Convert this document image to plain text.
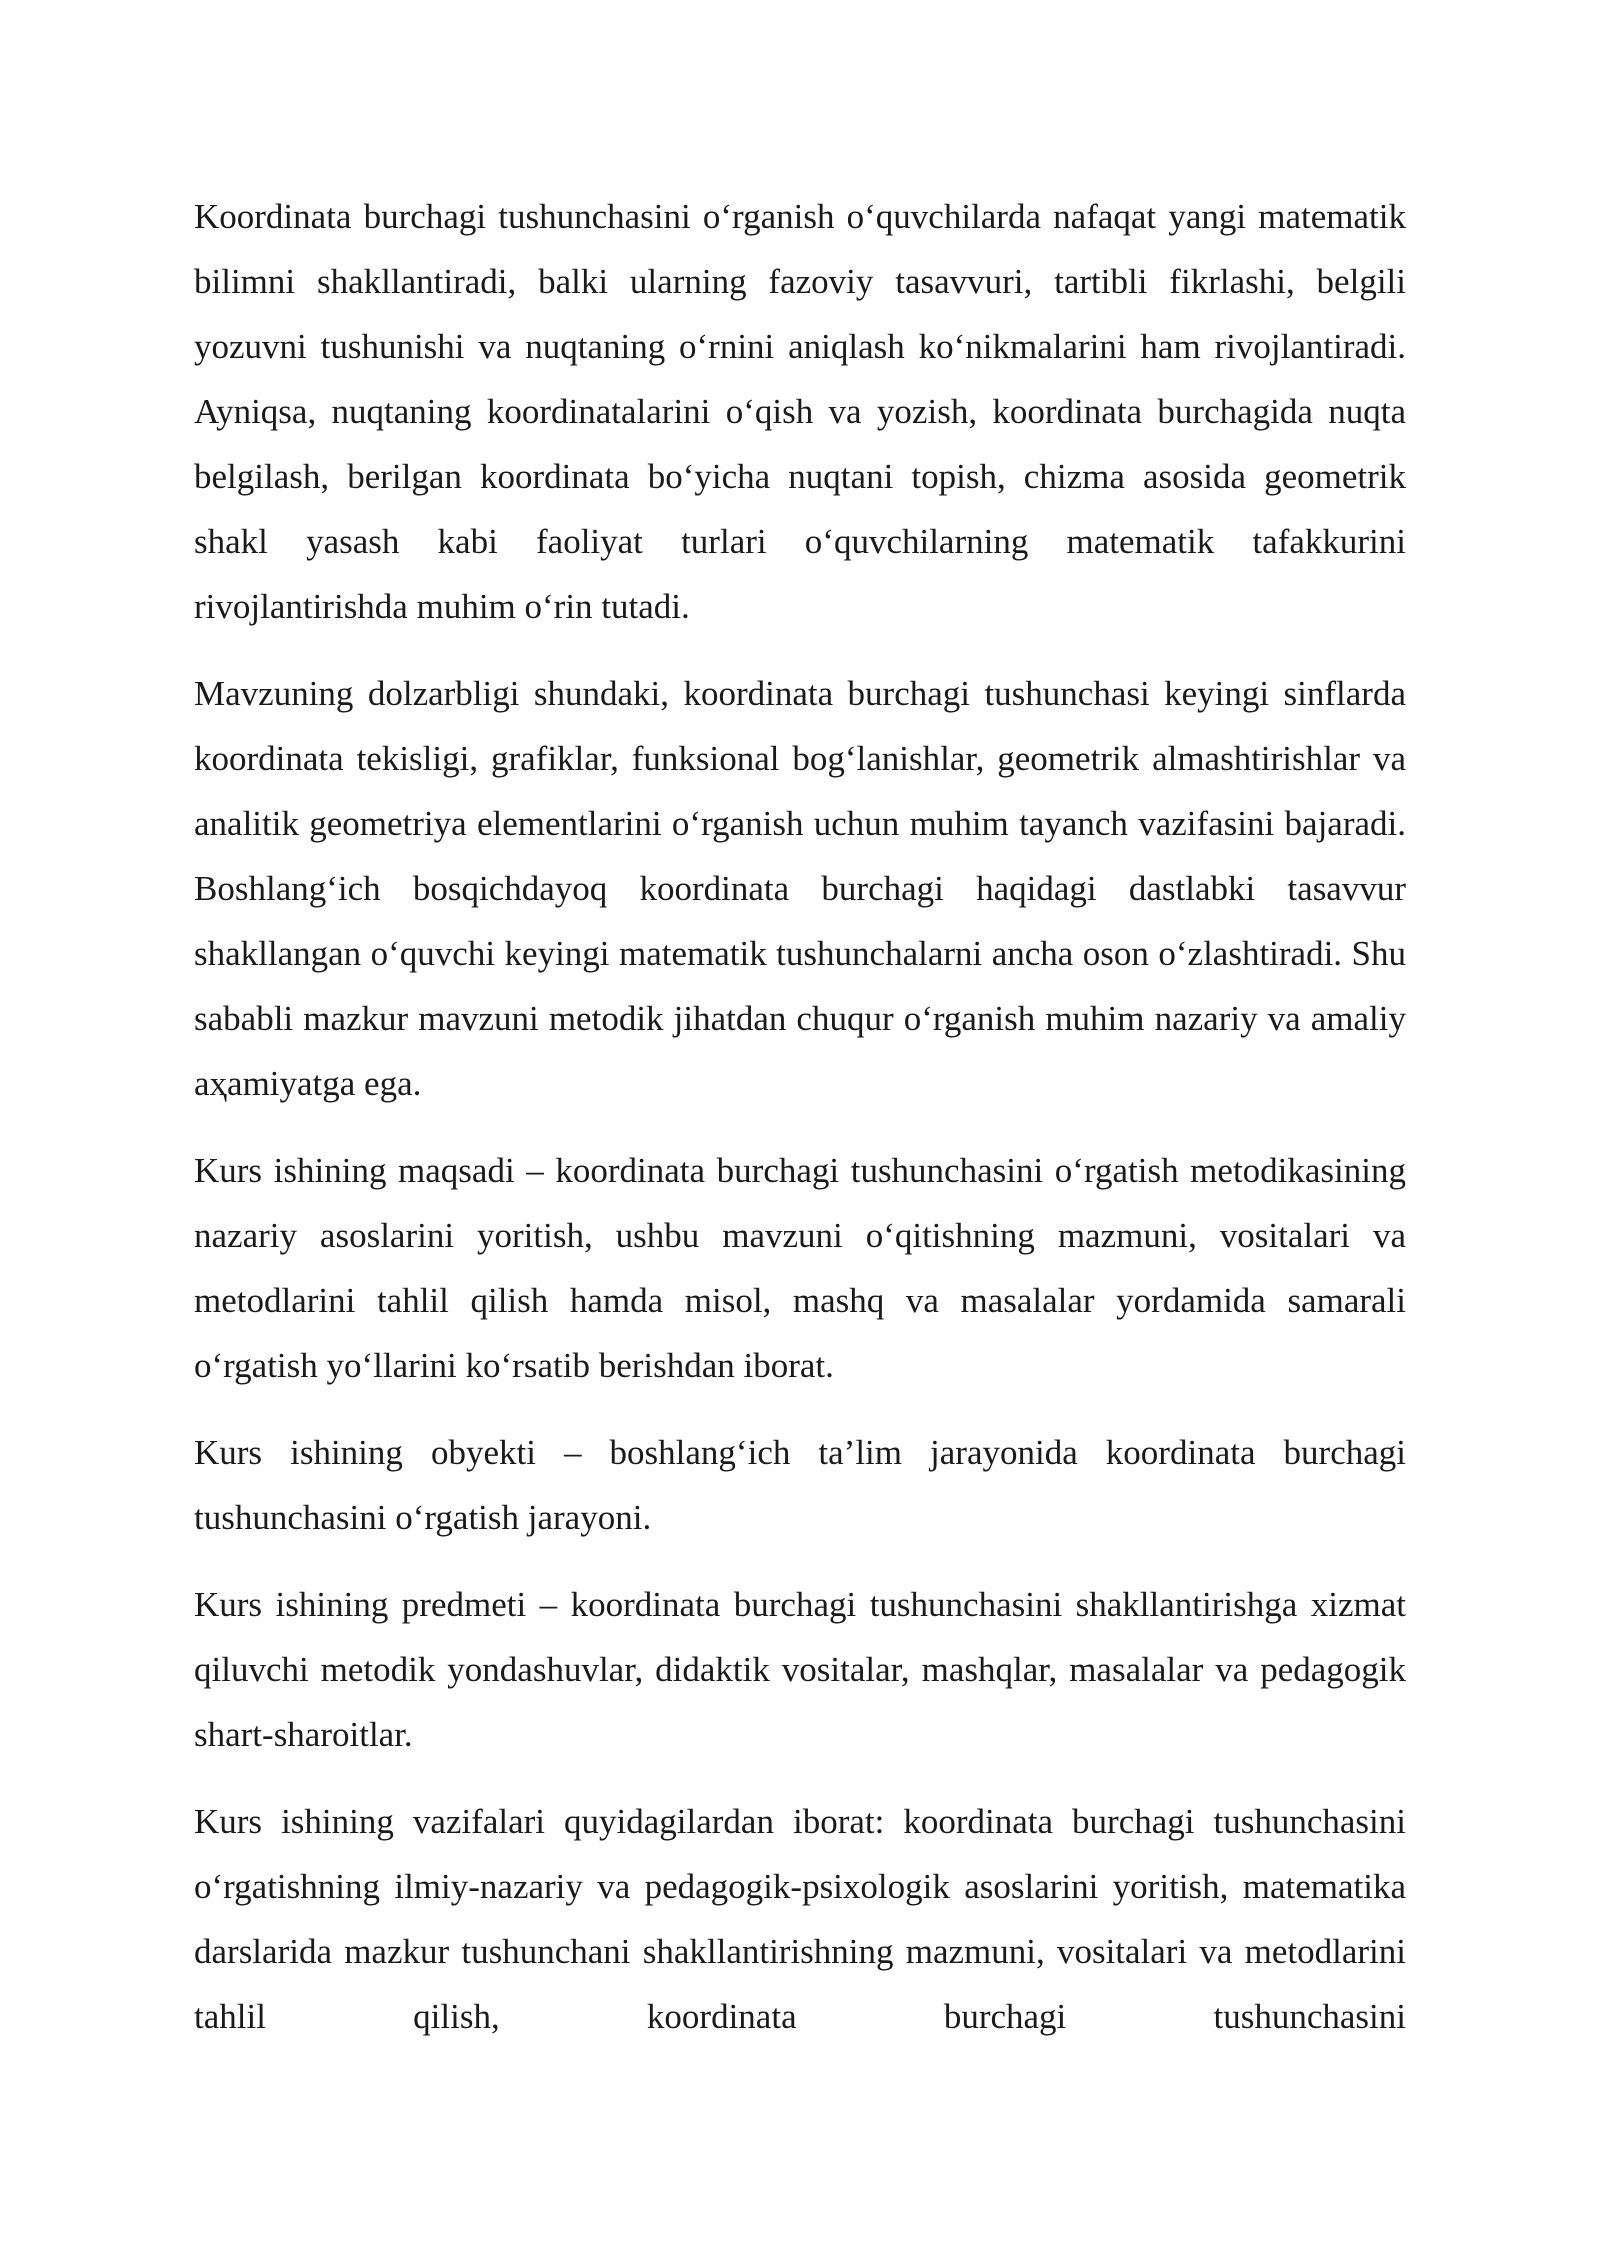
Koordinata burchagi tushunchasini o‘rganish o‘quvchilarda nafaqat yangi matematik bilimni shakllantiradi, balki ularning fazoviy tasavvuri, tartibli fikrlashi, belgili yozuvni tushunishi va nuqtaning o‘rnini aniqlash ko‘nikmalarini ham rivojlantiradi. Ayniqsa, nuqtaning koordinatalarini o‘qish va yozish, koordinata burchagida nuqta belgilash, berilgan koordinata bo‘yicha nuqtani topish, chizma asosida geometrik shakl yasash kabi faoliyat turlari o‘quvchilarning matematik tafakkurini rivojlantirishda muhim o‘rin tutadi.

Mavzuning dolzarbligi shundaki, koordinata burchagi tushunchasi keyingi sinflarda koordinata tekisligi, grafiklar, funksional bog‘lanishlar, geometrik almashtirishlar va analitik geometriya elementlarini o‘rganish uchun muhim tayanch vazifasini bajaradi. Boshlang‘ich bosqichdayoq koordinata burchagi haqidagi dastlabki tasavvur shakllangan o‘quvchi keyingi matematik tushunchalarni ancha oson o‘zlashtiradi. Shu sababli mazkur mavzuni metodik jihatdan chuqur o‘rganish muhim nazariy va amaliy aҳamiyatga ega.

Kurs ishining maqsadi – koordinata burchagi tushunchasini o‘rgatish metodikasining nazariy asoslarini yoritish, ushbu mavzuni o‘qitishning mazmuni, vositalari va metodlarini tahlil qilish hamda misol, mashq va masalalar yordamida samarali o‘rgatish yo‘llarini ko‘rsatib berishdan iborat.

Kurs ishining obyekti – boshlang‘ich ta’lim jarayonida koordinata burchagi tushunchasini o‘rgatish jarayoni.

Kurs ishining predmeti – koordinata burchagi tushunchasini shakllantirishga xizmat qiluvchi metodik yondashuvlar, didaktik vositalar, mashqlar, masalalar va pedagogik shart-sharoitlar.

Kurs ishining vazifalari quyidagilardan iborat: koordinata burchagi tushunchasini o‘rgatishning ilmiy-nazariy va pedagogik-psixologik asoslarini yoritish, matematika darslarida mazkur tushunchani shakllantirishning mazmuni, vositalari va metodlarini tahlil qilish, koordinata burchagi tushunchasini
